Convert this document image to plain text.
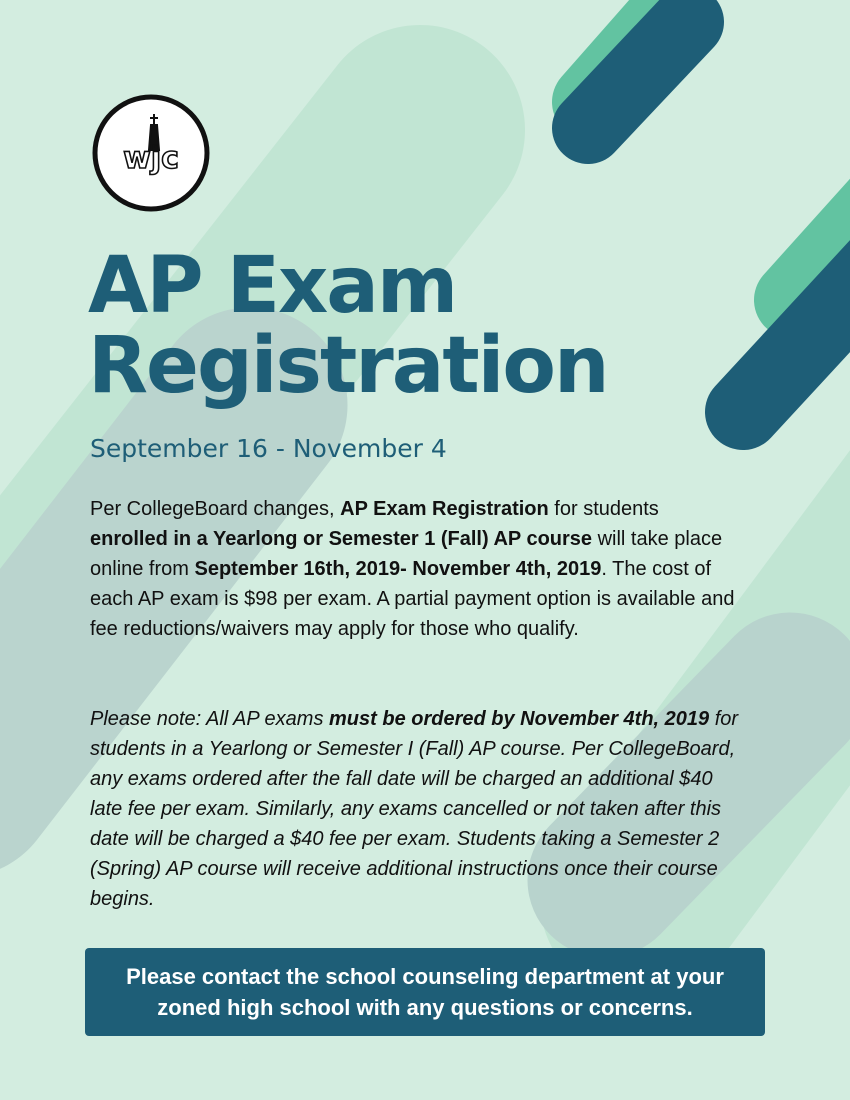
wjc
AP Exam
Registration
September 16 - November 4

Per CollegeBoard changes, AP Exam Registration for students enrolled in a Yearlong or Semester 1 (Fall) AP course will take place online from September 16th, 2019- November 4th, 2019. The cost of each AP exam is $98 per exam. A partial payment option is available and fee reductions/waivers may apply for those who qualify.

Please note: All AP exams must be ordered by November 4th, 2019 for students in a Yearlong or Semester I (Fall) AP course. Per CollegeBoard, any exams ordered after the fall date will be charged an additional $40 late fee per exam. Similarly, any exams cancelled or not taken after this date will be charged a $40 fee per exam. Students taking a Semester 2 (Spring) AP course will receive additional instructions once their course begins.

Please contact the school counseling department at your zoned high school with any questions or concerns.
